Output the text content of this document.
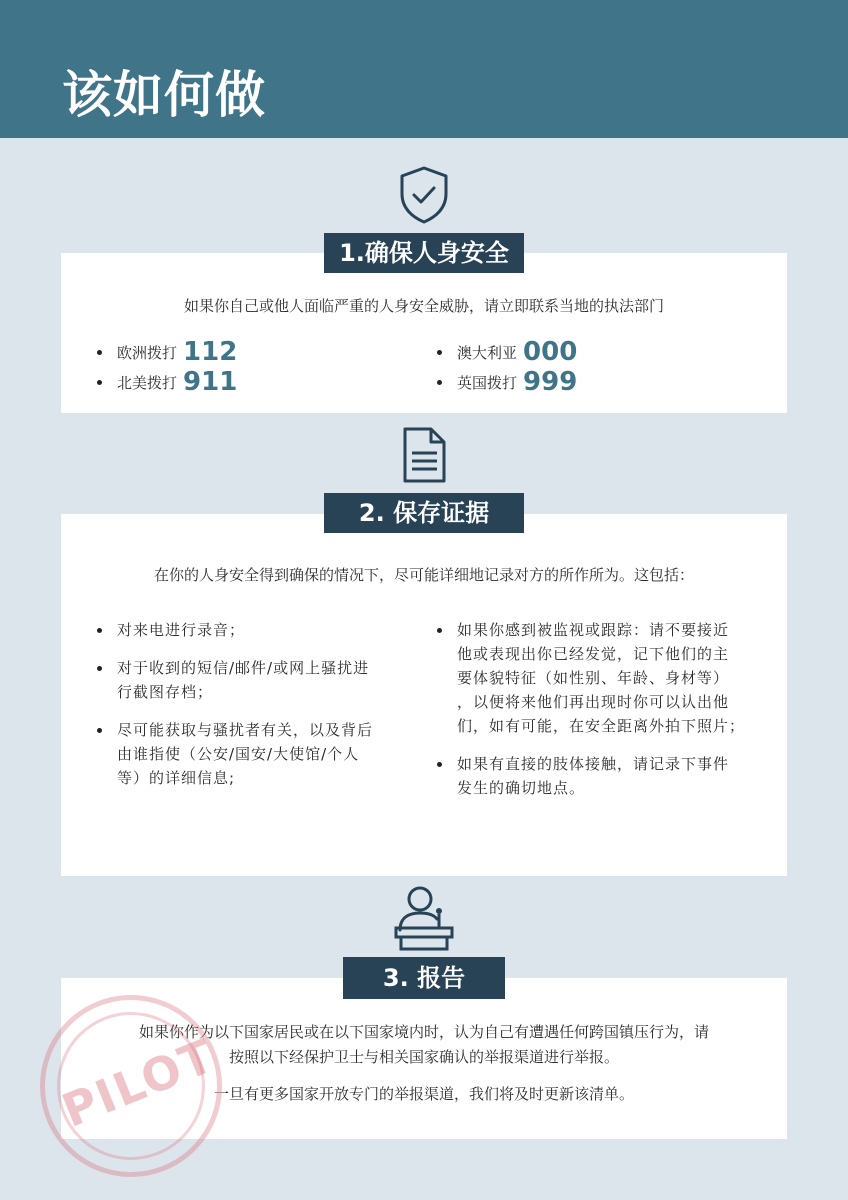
该如何做
如果你自己或他人面临严重的人身安全威胁，请立即联系当地的执法部门
欧洲拨打 112
北美拨打 911
澳大利亚 000
英国拨打 999
1.确保人身安全
在你的人身安全得到确保的情况下，尽可能详细地记录对方的所作所为。这包括：
对来电进行录音；
对于收到的短信/邮件/或网上骚扰进
行截图存档；
尽可能获取与骚扰者有关，以及背后
由谁指使（公安/国安/大使馆/个人
等）的详细信息;
如果你感到被监视或跟踪：请不要接近
他或表现出你已经发觉，记下他们的主
要体貌特征（如性别、年龄、身材等）
，以便将来他们再出现时你可以认出他
们，如有可能，在安全距离外拍下照片；
如果有直接的肢体接触，请记录下事件
发生的确切地点。
2. 保存证据
如果你作为以下国家居民或在以下国家境内时，认为自己有遭遇任何跨国镇压行为，请
按照以下经保护卫士与相关国家确认的举报渠道进行举报。
一旦有更多国家开放专门的举报渠道，我们将及时更新该清单。
3. 报告
PILOT
